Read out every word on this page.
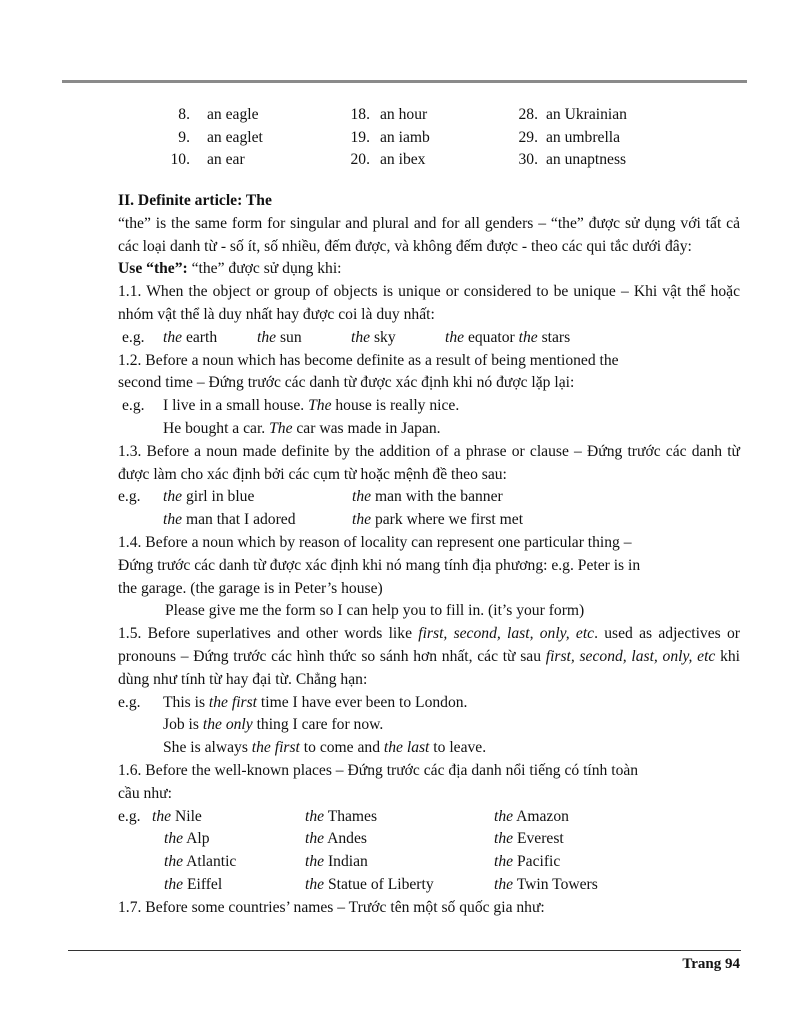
8. an eagle	18. an hour	28. an Ukrainian
9. an eaglet	19. an iamb	29. an umbrella
10. an ear	20. an ibex	30. an unaptness
II. Definite article: The
“the” is the same form for singular and plural and for all genders – “the” được sử dụng với tất cả các loại danh từ - số ít, số nhiều, đếm được, và không đếm được - theo các qui tắc dưới đây:
Use “the”: “the” được sử dụng khi:
1.1. When the object or group of objects is unique or considered to be unique – Khi vật thể hoặc nhóm vật thể là duy nhất hay được coi là duy nhất:
e.g. the earth	the sun	the sky	the equator the stars
1.2. Before a noun which has become definite as a result of being mentioned the
second time – Đứng trước các danh từ được xác định khi nó được lặp lại:
e.g. I live in a small house. The house is really nice.
He bought a car. The car was made in Japan.
1.3. Before a noun made definite by the addition of a phrase or clause – Đứng trước các danh từ được làm cho xác định bởi các cụm từ hoặc mệnh đề theo sau:
e.g. the girl in blue	the man with the banner
the man that I adored	the park where we first met
1.4. Before a noun which by reason of locality can represent one particular thing –
Đứng trước các danh từ được xác định khi nó mang tính địa phương: e.g. Peter is in
the garage. (the garage is in Peter’s house)
Please give me the form so I can help you to fill in. (it’s your form)
1.5. Before superlatives and other words like first, second, last, only, etc. used as adjectives or pronouns – Đứng trước các hình thức so sánh hơn nhất, các từ sau first, second, last, only, etc khi dùng như tính từ hay đại từ. Chẳng hạn:
e.g. This is the first time I have ever been to London.
Job is the only thing I care for now.
She is always the first to come and the last to leave.
1.6. Before the well-known places – Đứng trước các địa danh nổi tiếng có tính toàn
cầu như:
e.g. the Nile	the Thames	the Amazon
the Alp	the Andes	the Everest
the Atlantic	the Indian	the Pacific
the Eiffel	the Statue of Liberty	the Twin Towers
1.7. Before some countries’ names – Trước tên một số quốc gia như:
Trang 94
